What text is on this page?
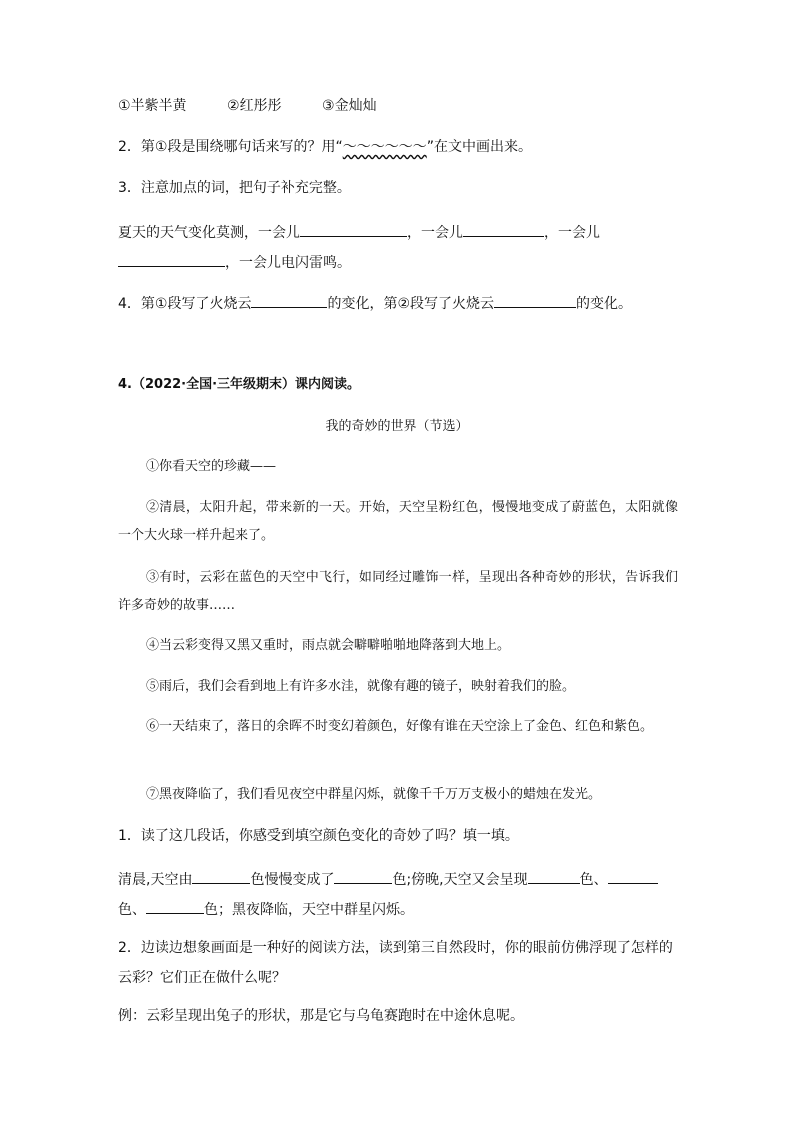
①半紫半黄	②红彤彤	③金灿灿
2．第①段是围绕哪句话来写的？用“～～～～～～”在文中画出来。
3．注意加点的词，把句子补充完整。
夏天的天气变化莫测，一会儿	，一会儿	，一会儿
，一会儿电闪雷鸣。
4．第①段写了火烧云	的变化，第②段写了火烧云	的变化。
4.（2022·全国·三年级期末）课内阅读。
我的奇妙的世界（节选）
①你看天空的珍藏——
②清晨，太阳升起，带来新的一天。开始，天空呈粉红色，慢慢地变成了蔚蓝色，太阳就像一个大火球一样升起来了。
③有时，云彩在蓝色的天空中飞行，如同经过雕饰一样，呈现出各种奇妙的形状，告诉我们许多奇妙的故事……
④当云彩变得又黑又重时，雨点就会噼噼啪啪地降落到大地上。
⑤雨后，我们会看到地上有许多水洼，就像有趣的镜子，映射着我们的脸。
⑥一天结束了，落日的余晖不时变幻着颜色，好像有谁在天空涂上了金色、红色和紫色。
⑦黑夜降临了，我们看见夜空中群星闪烁，就像千千万万支极小的蜡烛在发光。
1．读了这几段话，你感受到填空颜色变化的奇妙了吗？填一填。
清晨,天空由	色慢慢变成了	色;傍晚,天空又会呈现	色、
色、	色；黑夜降临，天空中群星闪烁。
2．边读边想象画面是一种好的阅读方法，读到第三自然段时，你的眼前仿佛浮现了怎样的
云彩？它们正在做什么呢？
例：云彩呈现出兔子的形状，那是它与乌龟赛跑时在中途休息呢。
